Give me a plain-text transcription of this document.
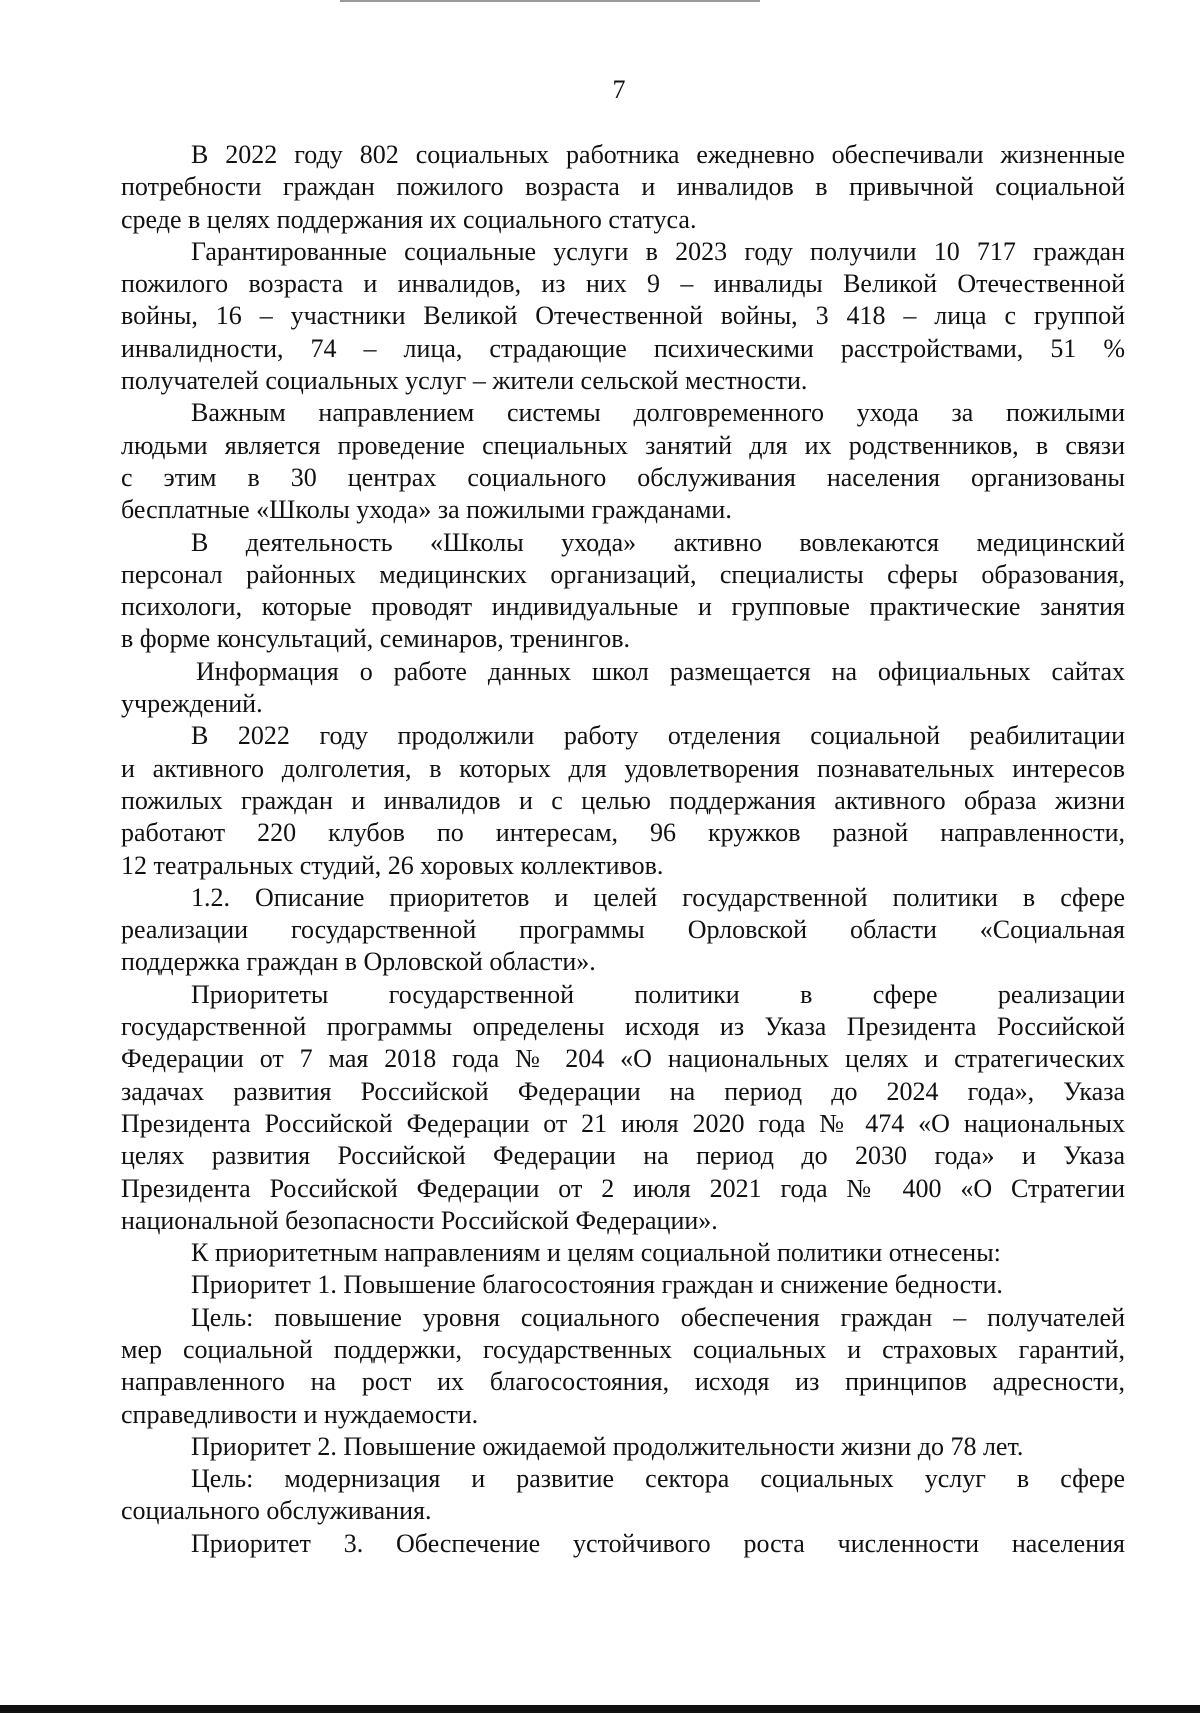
7
В 2022 году 802 социальных работника ежедневно обеспечивали жизненные
потребности граждан пожилого возраста и инвалидов в привычной социальной
среде в целях поддержания их социального статуса.
Гарантированные социальные услуги в 2023 году получили 10 717 граждан
пожилого возраста и инвалидов, из них 9 – инвалиды Великой Отечественной
войны, 16 – участники Великой Отечественной войны, 3 418 – лица с группой
инвалидности, 74 – лица, страдающие психическими расстройствами, 51 %
получателей социальных услуг – жители сельской местности.
Важным направлением системы долговременного ухода за пожилыми
людьми является проведение специальных занятий для их родственников, в связи
с этим в 30 центрах социального обслуживания населения организованы
бесплатные «Школы ухода» за пожилыми гражданами.
В деятельность «Школы ухода» активно вовлекаются медицинский
персонал районных медицинских организаций, специалисты сферы образования,
психологи, которые проводят индивидуальные и групповые практические занятия
в форме консультаций, семинаров, тренингов.
Информация о работе данных школ размещается на официальных сайтах
учреждений.
В 2022 году продолжили работу отделения социальной реабилитации
и активного долголетия, в которых для удовлетворения познавательных интересов
пожилых граждан и инвалидов и с целью поддержания активного образа жизни
работают 220 клубов по интересам, 96 кружков разной направленности,
12 театральных студий, 26 хоровых коллективов.
1.2. Описание приоритетов и целей государственной политики в сфере
реализации государственной программы Орловской области «Социальная
поддержка граждан в Орловской области».
Приоритеты государственной политики в сфере реализации
государственной программы определены исходя из Указа Президента Российской
Федерации от 7 мая 2018 года № 204 «О национальных целях и стратегических
задачах развития Российской Федерации на период до 2024 года», Указа
Президента Российской Федерации от 21 июля 2020 года № 474 «О национальных
целях развития Российской Федерации на период до 2030 года» и Указа
Президента Российской Федерации от 2 июля 2021 года № 400 «О Стратегии
национальной безопасности Российской Федерации».
К приоритетным направлениям и целям социальной политики отнесены:
Приоритет 1. Повышение благосостояния граждан и снижение бедности.
Цель: повышение уровня социального обеспечения граждан – получателей
мер социальной поддержки, государственных социальных и страховых гарантий,
направленного на рост их благосостояния, исходя из принципов адресности,
справедливости и нуждаемости.
Приоритет 2. Повышение ожидаемой продолжительности жизни до 78 лет.
Цель: модернизация и развитие сектора социальных услуг в сфере
социального обслуживания.
Приоритет 3. Обеспечение устойчивого роста численности населения
